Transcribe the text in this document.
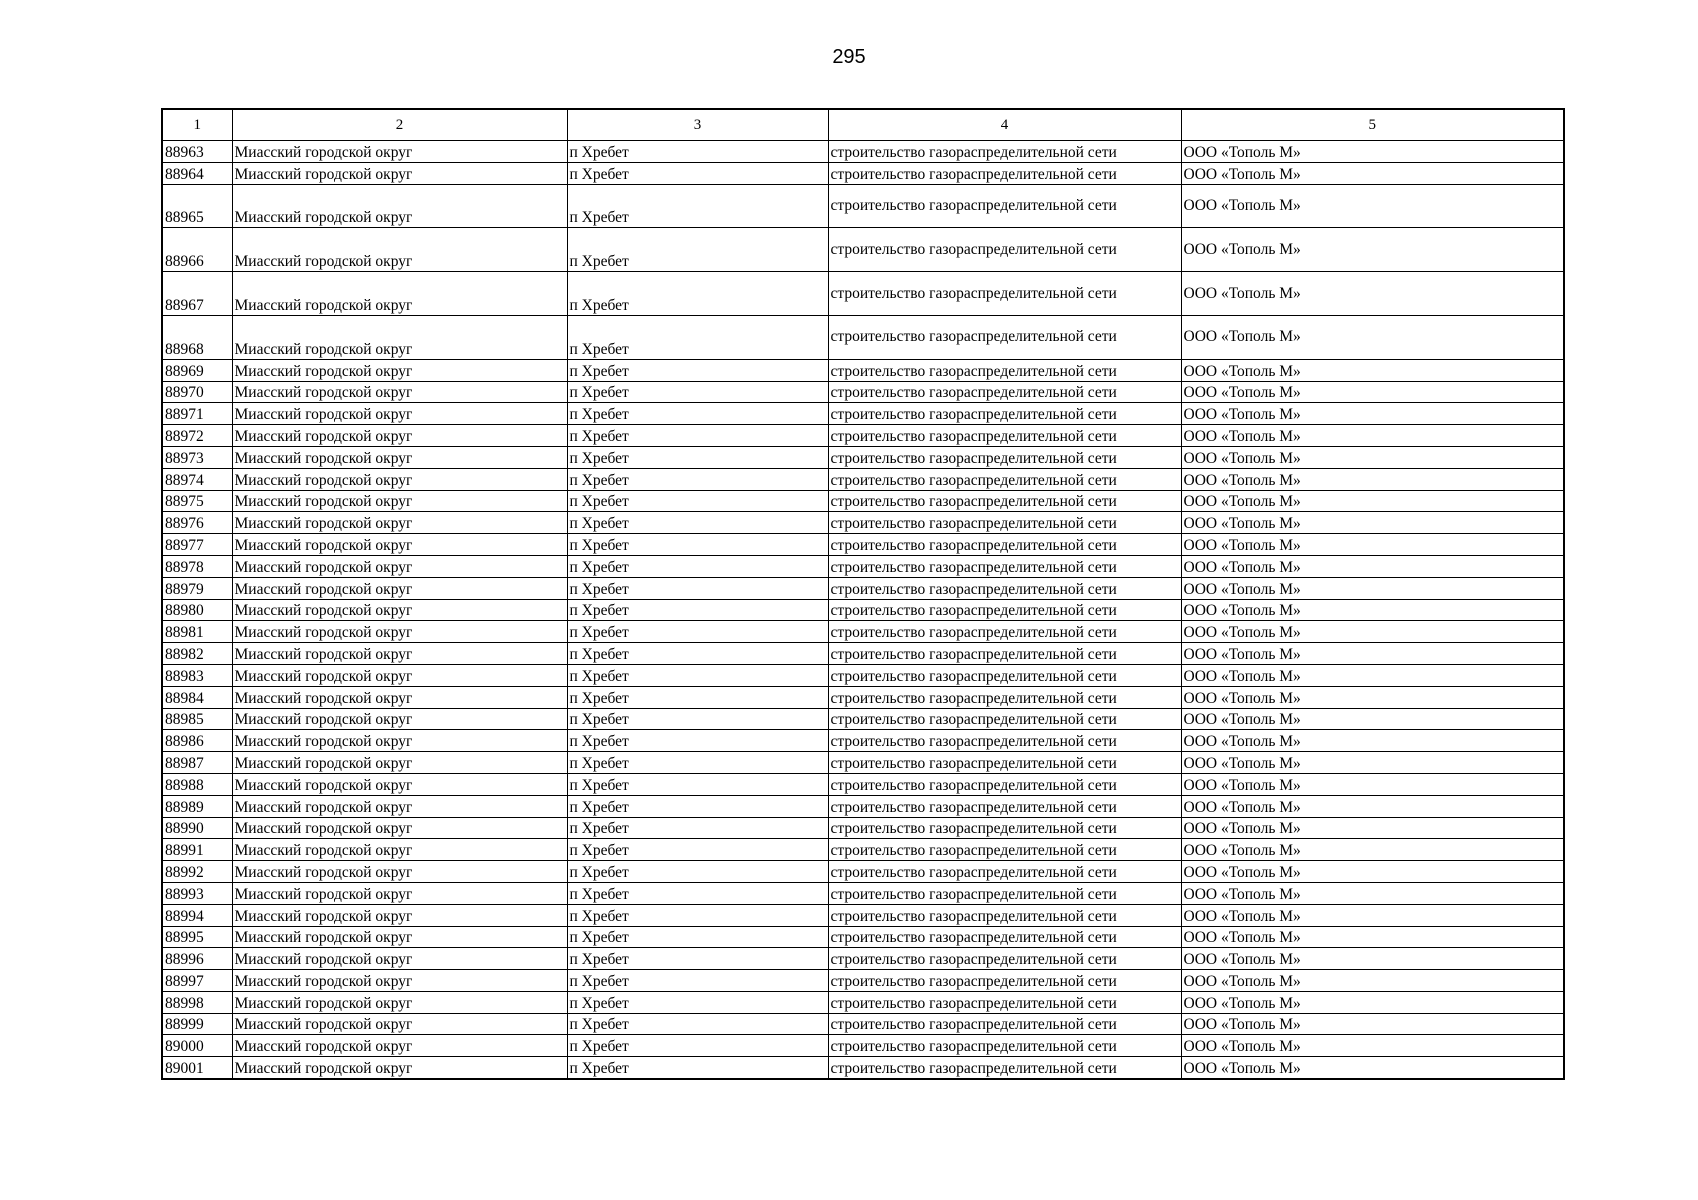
295
1	2	3	4	5
88963	Миасский городской округ	п Хребет	строительство газораспределительной сети	ООО «Тополь М»
88964	Миасский городской округ	п Хребет	строительство газораспределительной сети	ООО «Тополь М»
88965	Миасский городской округ	п Хребет	строительство газораспределительной сети	ООО «Тополь М»
88966	Миасский городской округ	п Хребет	строительство газораспределительной сети	ООО «Тополь М»
88967	Миасский городской округ	п Хребет	строительство газораспределительной сети	ООО «Тополь М»
88968	Миасский городской округ	п Хребет	строительство газораспределительной сети	ООО «Тополь М»
88969	Миасский городской округ	п Хребет	строительство газораспределительной сети	ООО «Тополь М»
88970	Миасский городской округ	п Хребет	строительство газораспределительной сети	ООО «Тополь М»
88971	Миасский городской округ	п Хребет	строительство газораспределительной сети	ООО «Тополь М»
88972	Миасский городской округ	п Хребет	строительство газораспределительной сети	ООО «Тополь М»
88973	Миасский городской округ	п Хребет	строительство газораспределительной сети	ООО «Тополь М»
88974	Миасский городской округ	п Хребет	строительство газораспределительной сети	ООО «Тополь М»
88975	Миасский городской округ	п Хребет	строительство газораспределительной сети	ООО «Тополь М»
88976	Миасский городской округ	п Хребет	строительство газораспределительной сети	ООО «Тополь М»
88977	Миасский городской округ	п Хребет	строительство газораспределительной сети	ООО «Тополь М»
88978	Миасский городской округ	п Хребет	строительство газораспределительной сети	ООО «Тополь М»
88979	Миасский городской округ	п Хребет	строительство газораспределительной сети	ООО «Тополь М»
88980	Миасский городской округ	п Хребет	строительство газораспределительной сети	ООО «Тополь М»
88981	Миасский городской округ	п Хребет	строительство газораспределительной сети	ООО «Тополь М»
88982	Миасский городской округ	п Хребет	строительство газораспределительной сети	ООО «Тополь М»
88983	Миасский городской округ	п Хребет	строительство газораспределительной сети	ООО «Тополь М»
88984	Миасский городской округ	п Хребет	строительство газораспределительной сети	ООО «Тополь М»
88985	Миасский городской округ	п Хребет	строительство газораспределительной сети	ООО «Тополь М»
88986	Миасский городской округ	п Хребет	строительство газораспределительной сети	ООО «Тополь М»
88987	Миасский городской округ	п Хребет	строительство газораспределительной сети	ООО «Тополь М»
88988	Миасский городской округ	п Хребет	строительство газораспределительной сети	ООО «Тополь М»
88989	Миасский городской округ	п Хребет	строительство газораспределительной сети	ООО «Тополь М»
88990	Миасский городской округ	п Хребет	строительство газораспределительной сети	ООО «Тополь М»
88991	Миасский городской округ	п Хребет	строительство газораспределительной сети	ООО «Тополь М»
88992	Миасский городской округ	п Хребет	строительство газораспределительной сети	ООО «Тополь М»
88993	Миасский городской округ	п Хребет	строительство газораспределительной сети	ООО «Тополь М»
88994	Миасский городской округ	п Хребет	строительство газораспределительной сети	ООО «Тополь М»
88995	Миасский городской округ	п Хребет	строительство газораспределительной сети	ООО «Тополь М»
88996	Миасский городской округ	п Хребет	строительство газораспределительной сети	ООО «Тополь М»
88997	Миасский городской округ	п Хребет	строительство газораспределительной сети	ООО «Тополь М»
88998	Миасский городской округ	п Хребет	строительство газораспределительной сети	ООО «Тополь М»
88999	Миасский городской округ	п Хребет	строительство газораспределительной сети	ООО «Тополь М»
89000	Миасский городской округ	п Хребет	строительство газораспределительной сети	ООО «Тополь М»
89001	Миасский городской округ	п Хребет	строительство газораспределительной сети	ООО «Тополь М»
